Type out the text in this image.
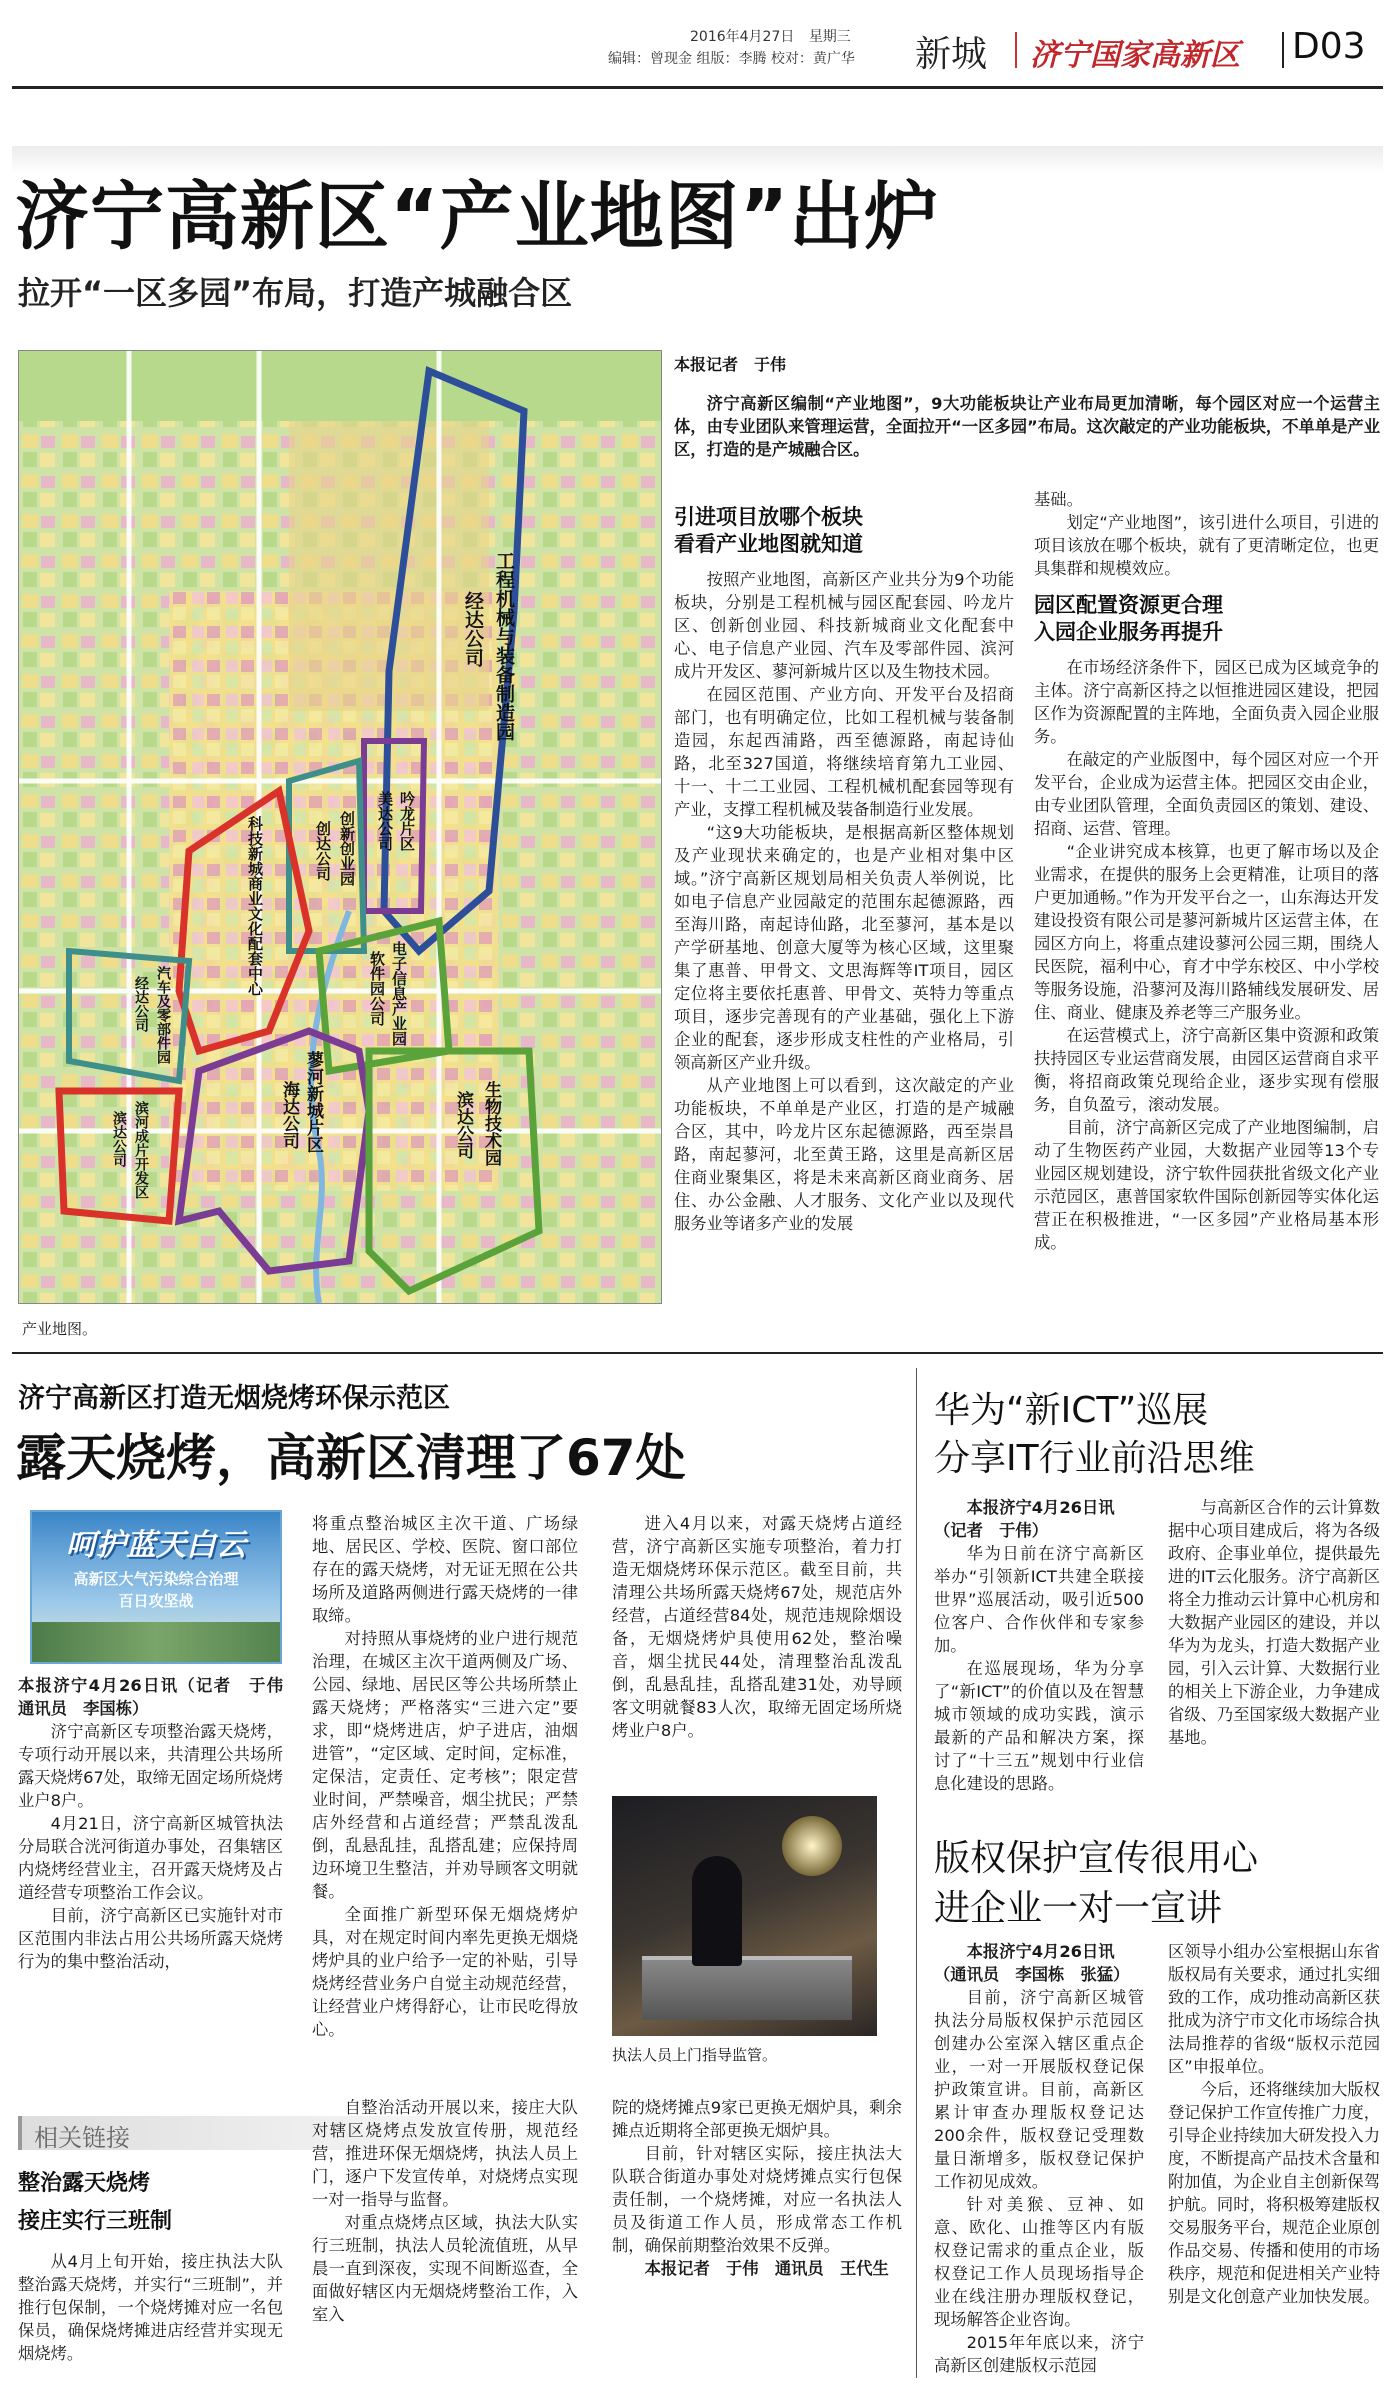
2016年4月27日 星期三
编辑：曾现金 组版：李腾 校对：黄广华 新城 济宁国家高新区 D03
济宁高新区“产业地图”出炉
拉开“一区多园”布局，打造产城融合区
工程机械与装备制造园
经达公司
吟龙片区
美达公司
创新创业园
创达公司
科技新城商业文化配套中心	电子信息产业园
软件园公司
汽车及零部件园
经达公司
滨河成片开发区
滨达公司	蓼河新城片区
海达公司	生物技术园
滨达公司
产业地图。
本报记者　于伟

济宁高新区编制“产业地图”，9大功能板块让产业布局更加清晰，每个园区对应一个运营主体，由专业团队来管理运营，全面拉开“一区多园”布局。这次敲定的产业功能板块，不单单是产业区，打造的是产城融合区。

引进项目放哪个板块
看看产业地图就知道

按照产业地图，高新区产业共分为9个功能板块，分别是工程机械与园区配套园、吟龙片区、创新创业园、科技新城商业文化配套中心、电子信息产业园、汽车及零部件园、滨河成片开发区、蓼河新城片区以及生物技术园。

在园区范围、产业方向、开发平台及招商部门，也有明确定位，比如工程机械与装备制造园，东起西浦路，西至德源路，南起诗仙路，北至327国道，将继续培育第九工业园、十一、十二工业园、工程机械机配套园等现有产业，支撑工程机械及装备制造行业发展。

“这9大功能板块，是根据高新区整体规划及产业现状来确定的，也是产业相对集中区域。”济宁高新区规划局相关负责人举例说，比如电子信息产业园敲定的范围东起德源路，西至海川路，南起诗仙路，北至蓼河，基本是以产学研基地、创意大厦等为核心区域，这里聚集了惠普、甲骨文、文思海辉等IT项目，园区定位将主要依托惠普、甲骨文、英特力等重点项目，逐步完善现有的产业基础，强化上下游企业的配套，逐步形成支柱性的产业格局，引领高新区产业升级。

从产业地图上可以看到，这次敲定的产业功能板块，不单单是产业区，打造的是产城融合区，其中，吟龙片区东起德源路，西至崇昌路，南起蓼河，北至黄王路，这里是高新区居住商业聚集区，将是未来高新区商业商务、居住、办公金融、人才服务、文化产业以及现代服务业等诸多产业的发展

基础。

划定“产业地图”，该引进什么项目，引进的项目该放在哪个板块，就有了更清晰定位，也更具集群和规模效应。

园区配置资源更合理
入园企业服务再提升

在市场经济条件下，园区已成为区域竞争的主体。济宁高新区持之以恒推进园区建设，把园区作为资源配置的主阵地，全面负责入园企业服务。

在敲定的产业版图中，每个园区对应一个开发平台，企业成为运营主体。把园区交由企业，由专业团队管理，全面负责园区的策划、建设、招商、运营、管理。

“企业讲究成本核算，也更了解市场以及企业需求，在提供的服务上会更精准，让项目的落户更加通畅。”作为开发平台之一，山东海达开发建设投资有限公司是蓼河新城片区运营主体，在园区方向上，将重点建设蓼河公园三期，围绕人民医院，福利中心，育才中学东校区、中小学校等服务设施，沿蓼河及海川路辅线发展研发、居住、商业、健康及养老等三产服务业。

在运营模式上，济宁高新区集中资源和政策扶持园区专业运营商发展，由园区运营商自求平衡，将招商政策兑现给企业，逐步实现有偿服务，自负盈亏，滚动发展。

目前，济宁高新区完成了产业地图编制，启动了生物医药产业园，大数据产业园等13个专业园区规划建设，济宁软件园获批省级文化产业示范园区，惠普国家软件国际创新园等实体化运营正在积极推进，“一区多园”产业格局基本形成。

济宁高新区打造无烟烧烤环保示范区
露天烧烤，高新区清理了67处
呵护蓝天白云
高新区大气污染综合治理
百日攻坚战

本报济宁4月26日讯（记者　于伟　通讯员　李国栋）

济宁高新区专项整治露天烧烤，专项行动开展以来，共清理公共场所露天烧烤67处，取缔无固定场所烧烤业户8户。

4月21日，济宁高新区城管执法分局联合洸河街道办事处，召集辖区内烧烤经营业主，召开露天烧烤及占道经营专项整治工作会议。

目前，济宁高新区已实施针对市区范围内非法占用公共场所露天烧烤行为的集中整治活动，

将重点整治城区主次干道、广场绿地、居民区、学校、医院、窗口部位存在的露天烧烤，对无证无照在公共场所及道路两侧进行露天烧烤的一律取缔。

对持照从事烧烤的业户进行规范治理，在城区主次干道两侧及广场、公园、绿地、居民区等公共场所禁止露天烧烤；严格落实“三进六定”要求，即“烧烤进店，炉子进店，油烟进管”，“定区域、定时间，定标准，定保洁，定责任、定考核”；限定营业时间，严禁噪音，烟尘扰民；严禁店外经营和占道经营；严禁乱泼乱倒，乱悬乱挂，乱搭乱建；应保持周边环境卫生整洁，并劝导顾客文明就餐。

全面推广新型环保无烟烧烤炉具，对在规定时间内率先更换无烟烧烤炉具的业户给予一定的补贴，引导烧烤经营业务户自觉主动规范经营，让经营业户烤得舒心，让市民吃得放心。

进入4月以来，对露天烧烤占道经营，济宁高新区实施专项整治，着力打造无烟烧烤环保示范区。截至目前，共清理公共场所露天烧烤67处，规范店外经营，占道经营84处，规范违规除烟设备，无烟烧烤炉具使用62处，整治噪音，烟尘扰民44处，清理整治乱泼乱倒，乱悬乱挂，乱搭乱建31处，劝导顾客文明就餐83人次，取缔无固定场所烧烤业户8户。

执法人员上门指导监管。
相关链接
整治露天烧烤
接庄实行三班制

从4月上旬开始，接庄执法大队整治露天烧烤，并实行“三班制”，并推行包保制，一个烧烤摊对应一名包保员，确保烧烤摊进店经营并实现无烟烧烤。

自整治活动开展以来，接庄大队对辖区烧烤点发放宣传册，规范经营，推进环保无烟烧烤，执法人员上门，逐户下发宣传单，对烧烤点实现一对一指导与监督。

对重点烧烤点区域，执法大队实行三班制，执法人员轮流值班，从早晨一直到深夜，实现不间断巡查，全面做好辖区内无烟烧烤整治工作，入室入

院的烧烤摊点9家已更换无烟炉具，剩余摊点近期将全部更换无烟炉具。

目前，针对辖区实际，接庄执法大队联合街道办事处对烧烤摊点实行包保责任制，一个烧烤摊，对应一名执法人员及街道工作人员，形成常态工作机制，确保前期整治效果不反弹。

本报记者　于伟　通讯员　王代生

华为“新ICT”巡展
分享IT行业前沿思维

本报济宁4月26日讯

（记者　于伟）

华为日前在济宁高新区举办“引领新ICT共建全联接世界”巡展活动，吸引近500位客户、合作伙伴和专家参加。

在巡展现场，华为分享了“新ICT”的价值以及在智慧城市领域的成功实践，演示最新的产品和解决方案，探讨了“十三五”规划中行业信息化建设的思路。

与高新区合作的云计算数据中心项目建成后，将为各级政府、企事业单位，提供最先进的IT云化服务。济宁高新区将全力推动云计算中心机房和大数据产业园区的建设，并以华为为龙头，打造大数据产业园，引入云计算、大数据行业的相关上下游企业，力争建成省级、乃至国家级大数据产业基地。

版权保护宣传很用心
进企业一对一宣讲

本报济宁4月26日讯

（通讯员　李国栋　张猛）

目前，济宁高新区城管执法分局版权保护示范园区创建办公室深入辖区重点企业，一对一开展版权登记保护政策宣讲。目前，高新区累计审查办理版权登记达200余件，版权登记受理数量日渐增多，版权登记保护工作初见成效。

针对美猴、豆神、如意、欧化、山推等区内有版权登记需求的重点企业，版权登记工作人员现场指导企业在线注册办理版权登记，现场解答企业咨询。

2015年年底以来，济宁高新区创建版权示范园

区领导小组办公室根据山东省版权局有关要求，通过扎实细致的工作，成功推动高新区获批成为济宁市文化市场综合执法局推荐的省级“版权示范园区”申报单位。

今后，还将继续加大版权登记保护工作宣传推广力度，引导企业持续加大研发投入力度，不断提高产品技术含量和附加值，为企业自主创新保驾护航。同时，将积极筹建版权交易服务平台，规范企业原创作品交易、传播和使用的市场秩序，规范和促进相关产业特别是文化创意产业加快发展。
